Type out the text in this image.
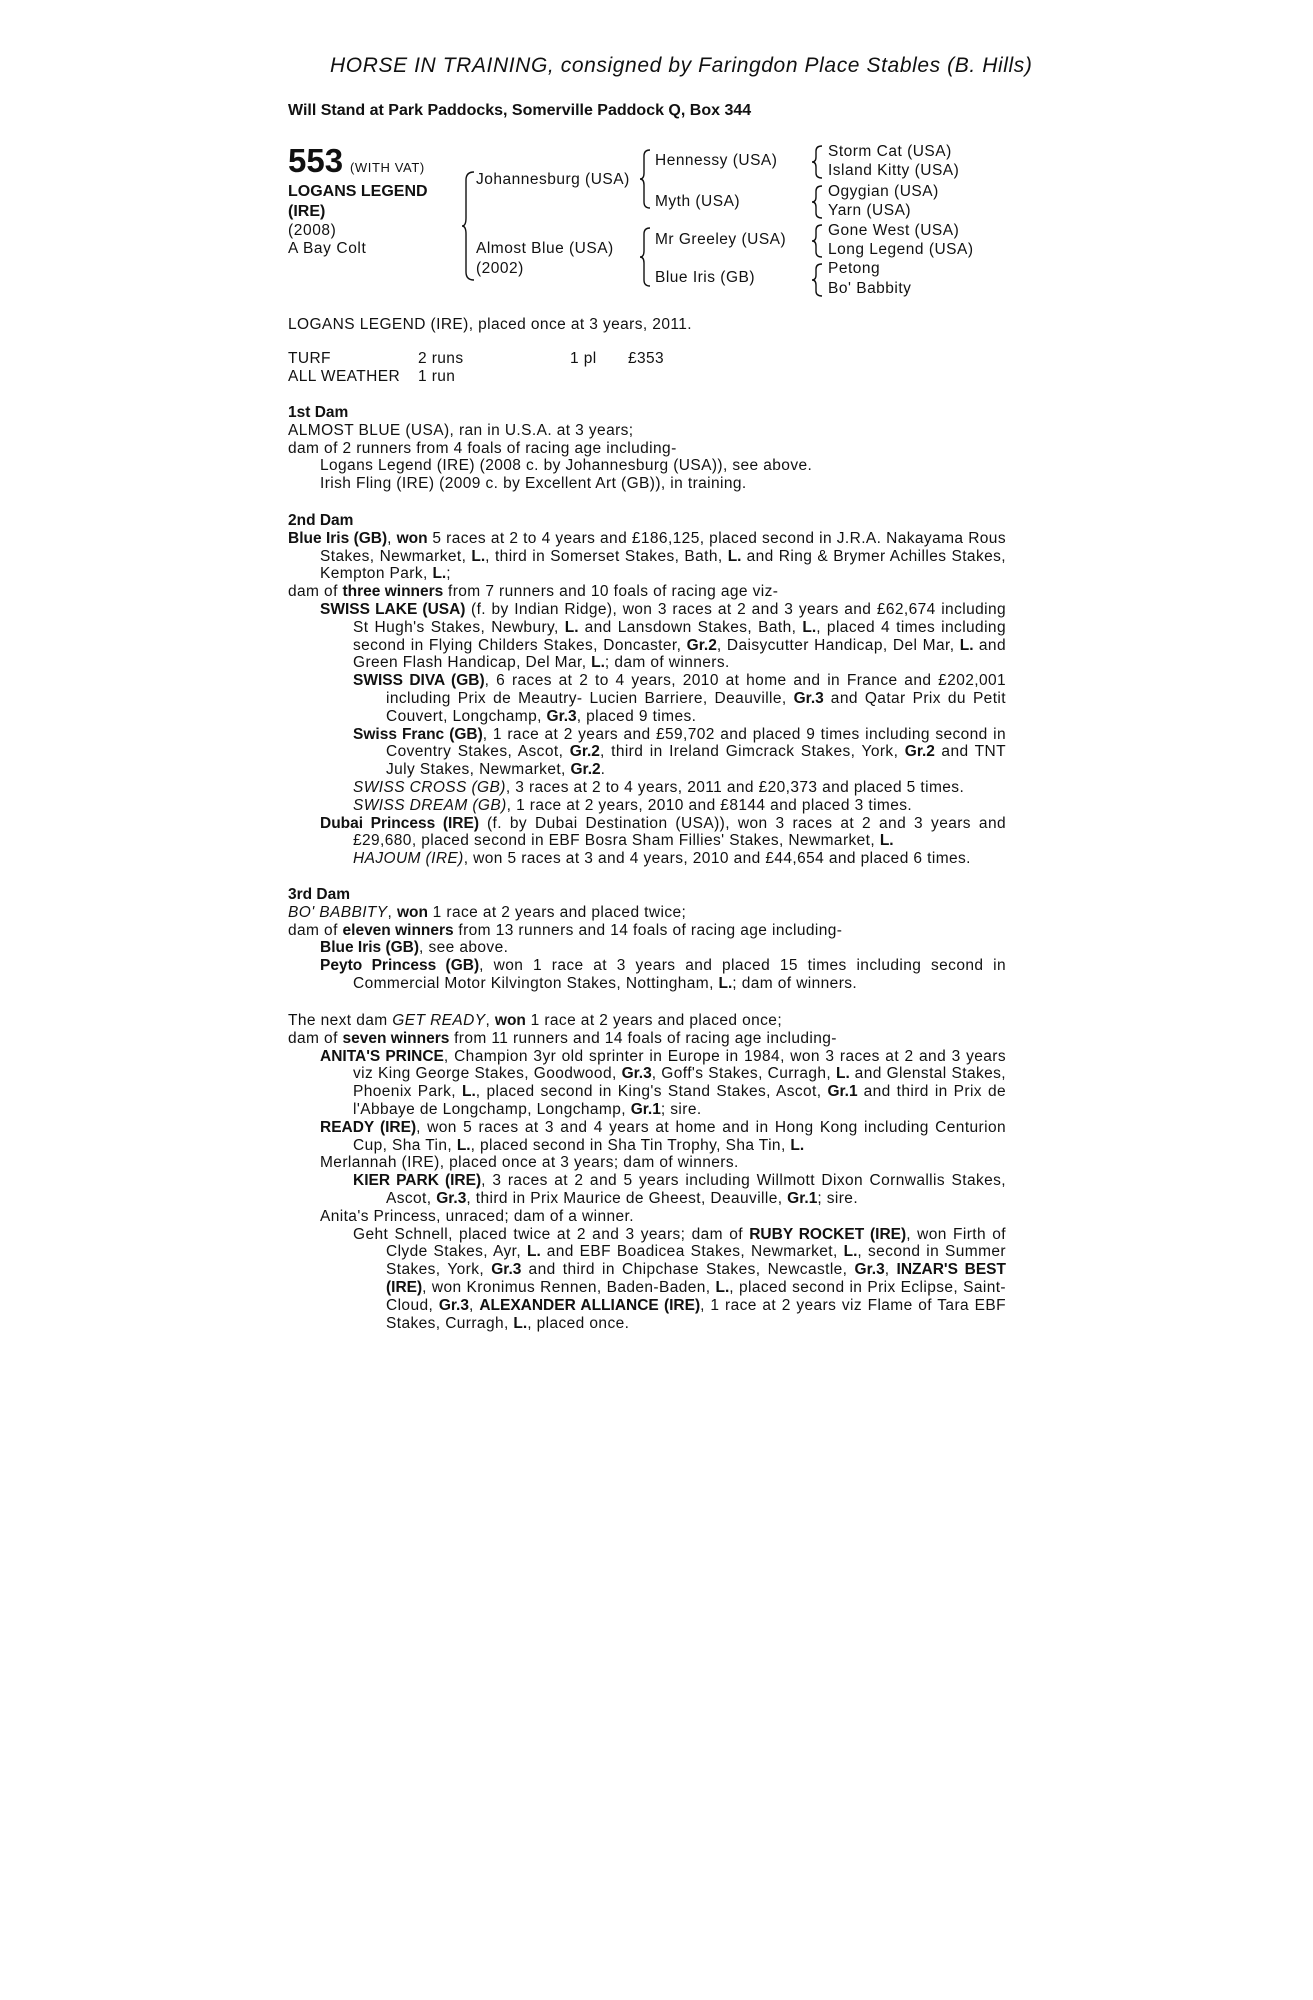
HORSE IN TRAINING, consigned by Faringdon Place Stables (B. Hills)
Will Stand at Park Paddocks, Somerville Paddock Q, Box 344
553 (WITH VAT)
LOGANS LEGEND
(IRE)
(2008)
A Bay Colt
Johannesburg (USA)
Almost Blue (USA)
(2002)
Hennessy (USA)
Myth (USA)
Mr Greeley (USA)
Blue Iris (GB)
Storm Cat (USA)
Island Kitty (USA)
Ogygian (USA)
Yarn (USA)
Gone West (USA)
Long Legend (USA)
Petong
Bo' Babbity
LOGANS LEGEND (IRE), placed once at 3 years, 2011.
TURF	2 runs	1 pl	£353
ALL WEATHER	1 run
1st Dam
ALMOST BLUE (USA), ran in U.S.A. at 3 years;
dam of 2 runners from 4 foals of racing age including-
Logans Legend (IRE) (2008 c. by Johannesburg (USA)), see above.
Irish Fling (IRE) (2009 c. by Excellent Art (GB)), in training.
2nd Dam
Blue Iris (GB), won 5 races at 2 to 4 years and £186,125, placed second in J.R.A. Nakayama Rous Stakes, Newmarket, L., third in Somerset Stakes, Bath, L. and Ring & Brymer Achilles Stakes, Kempton Park, L.;
dam of three winners from 7 runners and 10 foals of racing age viz-
SWISS LAKE (USA) (f. by Indian Ridge), won 3 races at 2 and 3 years and £62,674 including St Hugh's Stakes, Newbury, L. and Lansdown Stakes, Bath, L., placed 4 times including second in Flying Childers Stakes, Doncaster, Gr.2, Daisycutter Handicap, Del Mar, L. and Green Flash Handicap, Del Mar, L.; dam of winners.
SWISS DIVA (GB), 6 races at 2 to 4 years, 2010 at home and in France and £202,001 including Prix de Meautry- Lucien Barriere, Deauville, Gr.3 and Qatar Prix du Petit Couvert, Longchamp, Gr.3, placed 9 times.
Swiss Franc (GB), 1 race at 2 years and £59,702 and placed 9 times including second in Coventry Stakes, Ascot, Gr.2, third in Ireland Gimcrack Stakes, York, Gr.2 and TNT July Stakes, Newmarket, Gr.2.
SWISS CROSS (GB), 3 races at 2 to 4 years, 2011 and £20,373 and placed 5 times.
SWISS DREAM (GB), 1 race at 2 years, 2010 and £8144 and placed 3 times.
Dubai Princess (IRE) (f. by Dubai Destination (USA)), won 3 races at 2 and 3 years and £29,680, placed second in EBF Bosra Sham Fillies' Stakes, Newmarket, L.
HAJOUM (IRE), won 5 races at 3 and 4 years, 2010 and £44,654 and placed 6 times.
3rd Dam
BO' BABBITY, won 1 race at 2 years and placed twice;
dam of eleven winners from 13 runners and 14 foals of racing age including-
Blue Iris (GB), see above.
Peyto Princess (GB), won 1 race at 3 years and placed 15 times including second in Commercial Motor Kilvington Stakes, Nottingham, L.; dam of winners.
The next dam GET READY, won 1 race at 2 years and placed once;
dam of seven winners from 11 runners and 14 foals of racing age including-
ANITA'S PRINCE, Champion 3yr old sprinter in Europe in 1984, won 3 races at 2 and 3 years viz King George Stakes, Goodwood, Gr.3, Goff's Stakes, Curragh, L. and Glenstal Stakes, Phoenix Park, L., placed second in King's Stand Stakes, Ascot, Gr.1 and third in Prix de l'Abbaye de Longchamp, Longchamp, Gr.1; sire.
READY (IRE), won 5 races at 3 and 4 years at home and in Hong Kong including Centurion Cup, Sha Tin, L., placed second in Sha Tin Trophy, Sha Tin, L.
Merlannah (IRE), placed once at 3 years; dam of winners.
KIER PARK (IRE), 3 races at 2 and 5 years including Willmott Dixon Cornwallis Stakes, Ascot, Gr.3, third in Prix Maurice de Gheest, Deauville, Gr.1; sire.
Anita's Princess, unraced; dam of a winner.
Geht Schnell, placed twice at 2 and 3 years; dam of RUBY ROCKET (IRE), won Firth of Clyde Stakes, Ayr, L. and EBF Boadicea Stakes, Newmarket, L., second in Summer Stakes, York, Gr.3 and third in Chipchase Stakes, Newcastle, Gr.3, INZAR'S BEST (IRE), won Kronimus Rennen, Baden-Baden, L., placed second in Prix Eclipse, Saint-Cloud, Gr.3, ALEXANDER ALLIANCE (IRE), 1 race at 2 years viz Flame of Tara EBF Stakes, Curragh, L., placed once.
